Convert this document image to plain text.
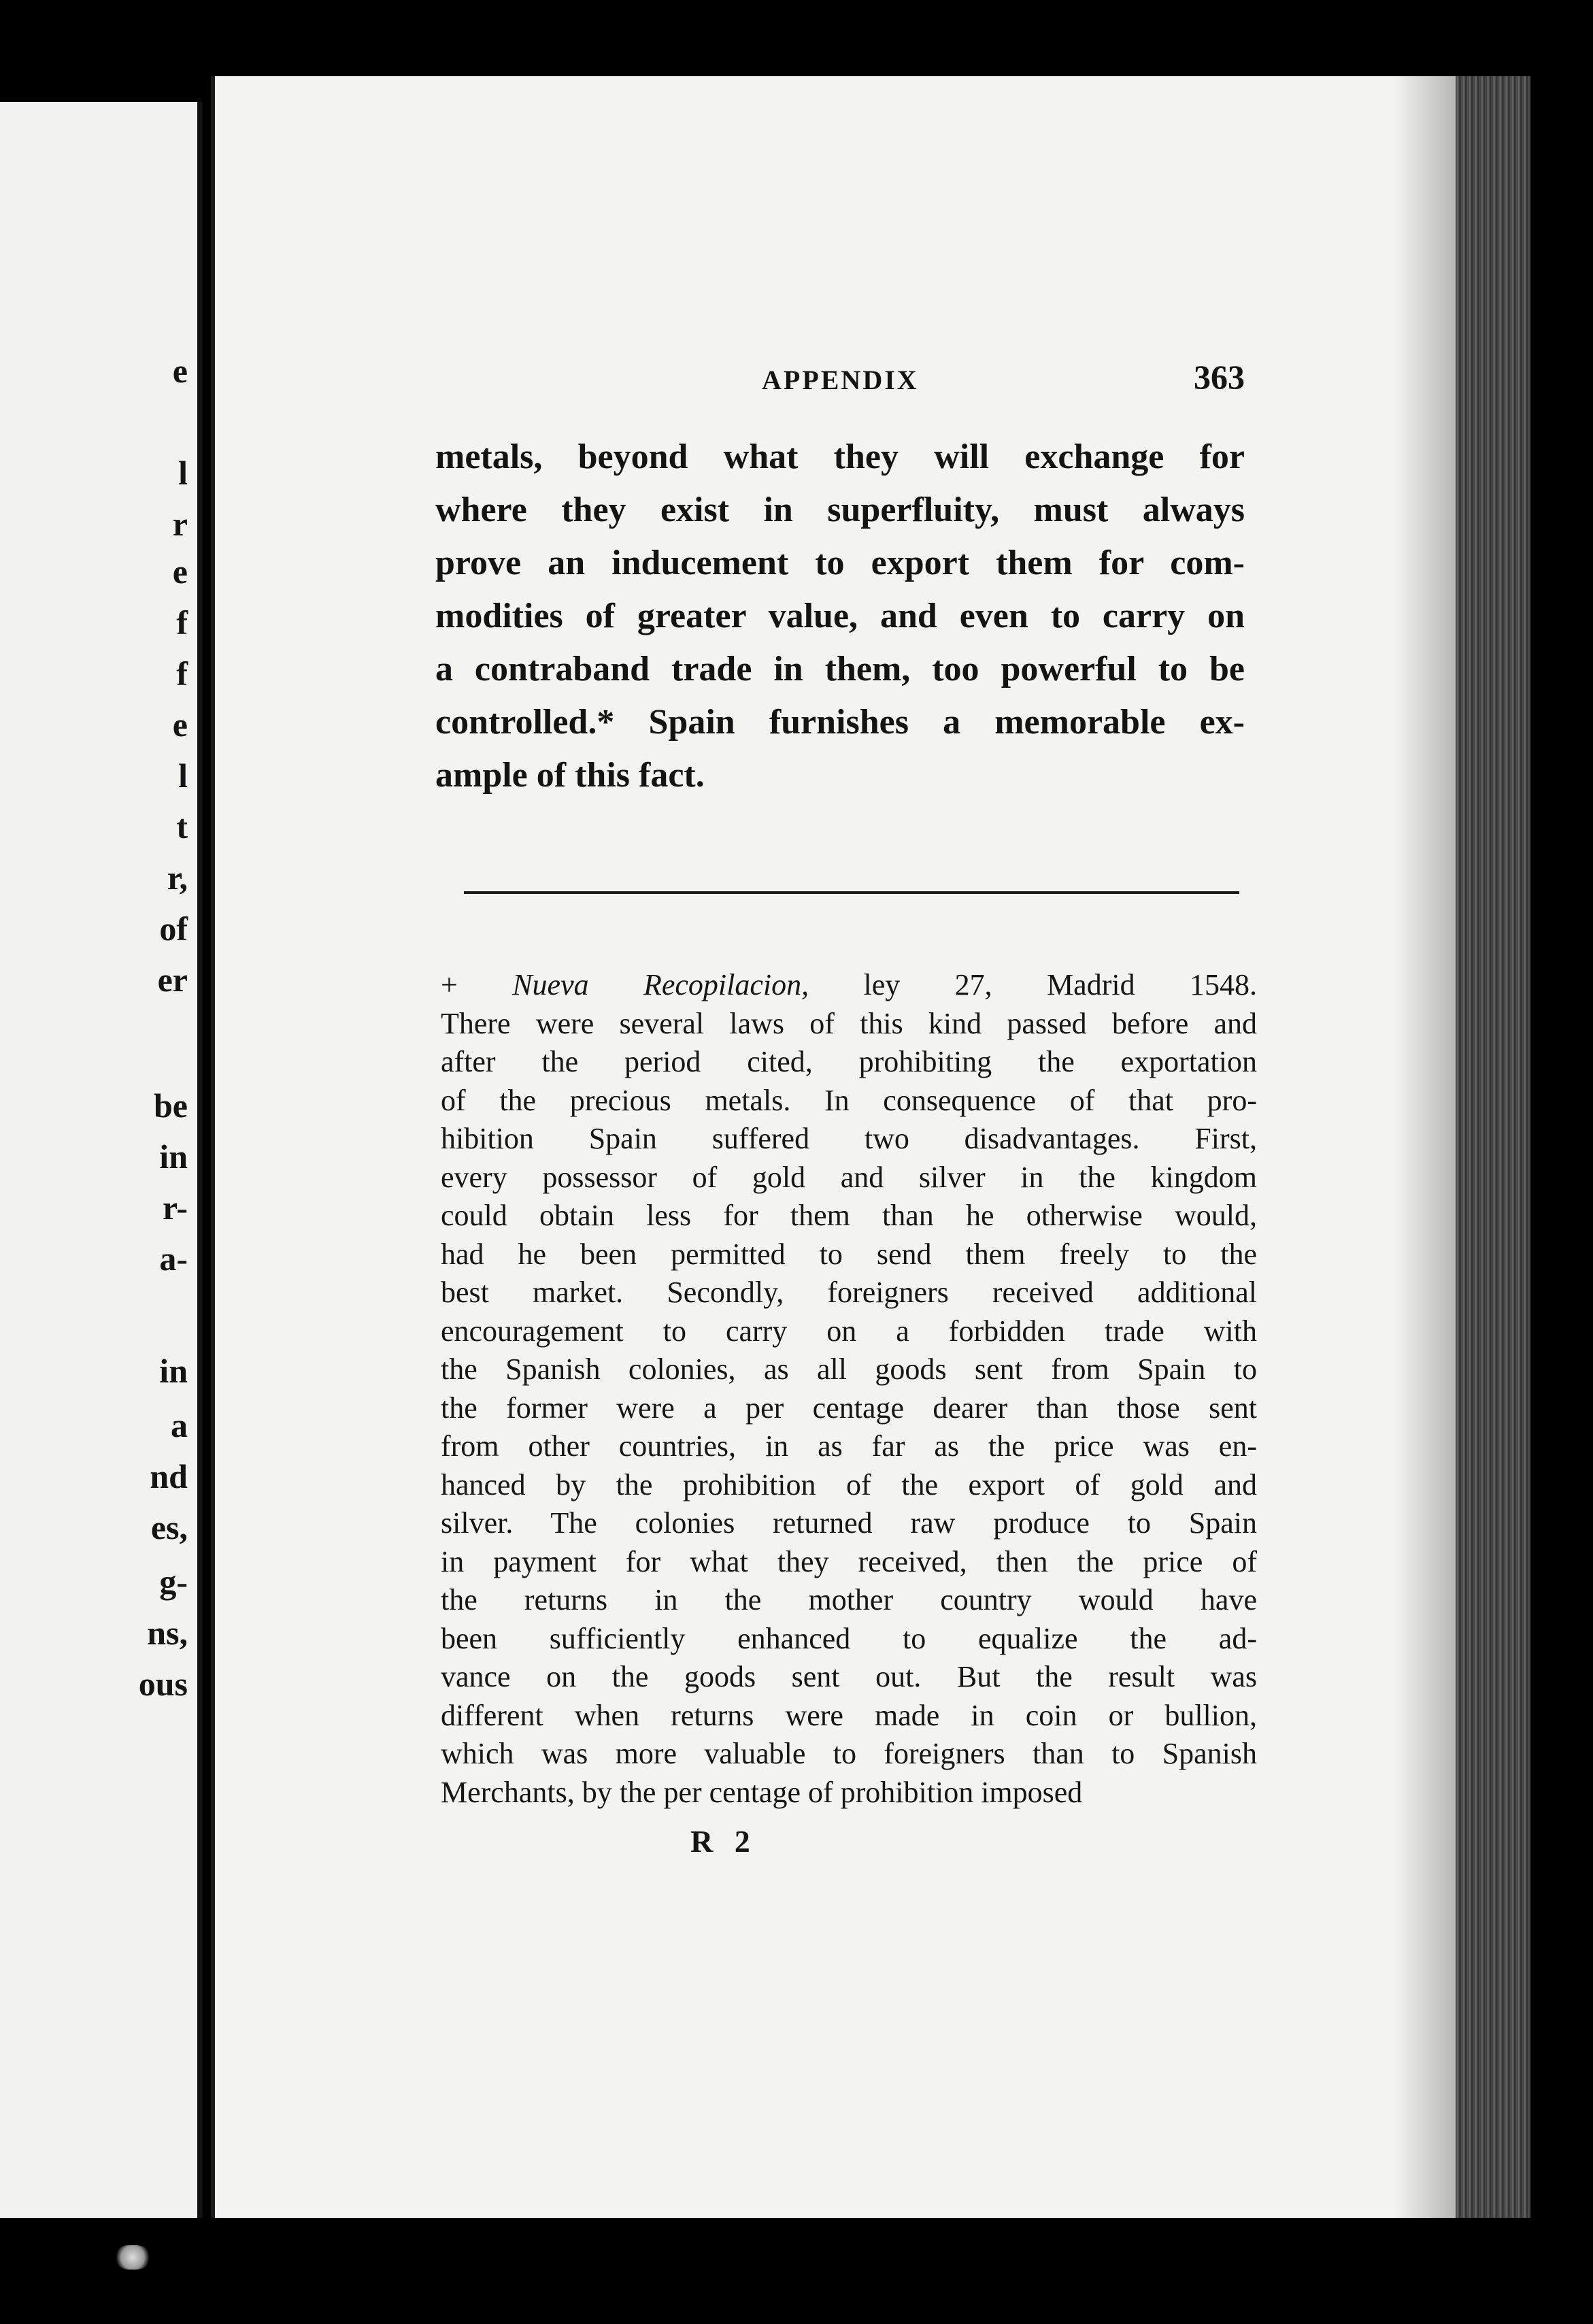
e
l
r
e
f
f
e
l
t
r,
of
er
be
in
r-
a-
in
a
nd
es,
g-
ns,
ous
APPENDIX	363
metals, beyond what they will exchange for
where they exist in superfluity, must always
prove an inducement to export them for com-
modities of greater value, and even to carry on
a contraband trade in them, too powerful to be
controlled.* Spain furnishes a memorable ex-
ample of this fact.
+ Nueva Recopilacion, ley 27, Madrid 1548.
There were several laws of this kind passed before and
after the period cited, prohibiting the exportation
of the precious metals. In consequence of that pro-
hibition Spain suffered two disadvantages. First,
every possessor of gold and silver in the kingdom
could obtain less for them than he otherwise would,
had he been permitted to send them freely to the
best market. Secondly, foreigners received additional
encouragement to carry on a forbidden trade with
the Spanish colonies, as all goods sent from Spain to
the former were a per centage dearer than those sent
from other countries, in as far as the price was en-
hanced by the prohibition of the export of gold and
silver. The colonies returned raw produce to Spain
in payment for what they received, then the price of
the returns in the mother country would have
been sufficiently enhanced to equalize the ad-
vance on the goods sent out. But the result was
different when returns were made in coin or bullion,
which was more valuable to foreigners than to Spanish
Merchants, by the per centage of prohibition imposed
R 2
